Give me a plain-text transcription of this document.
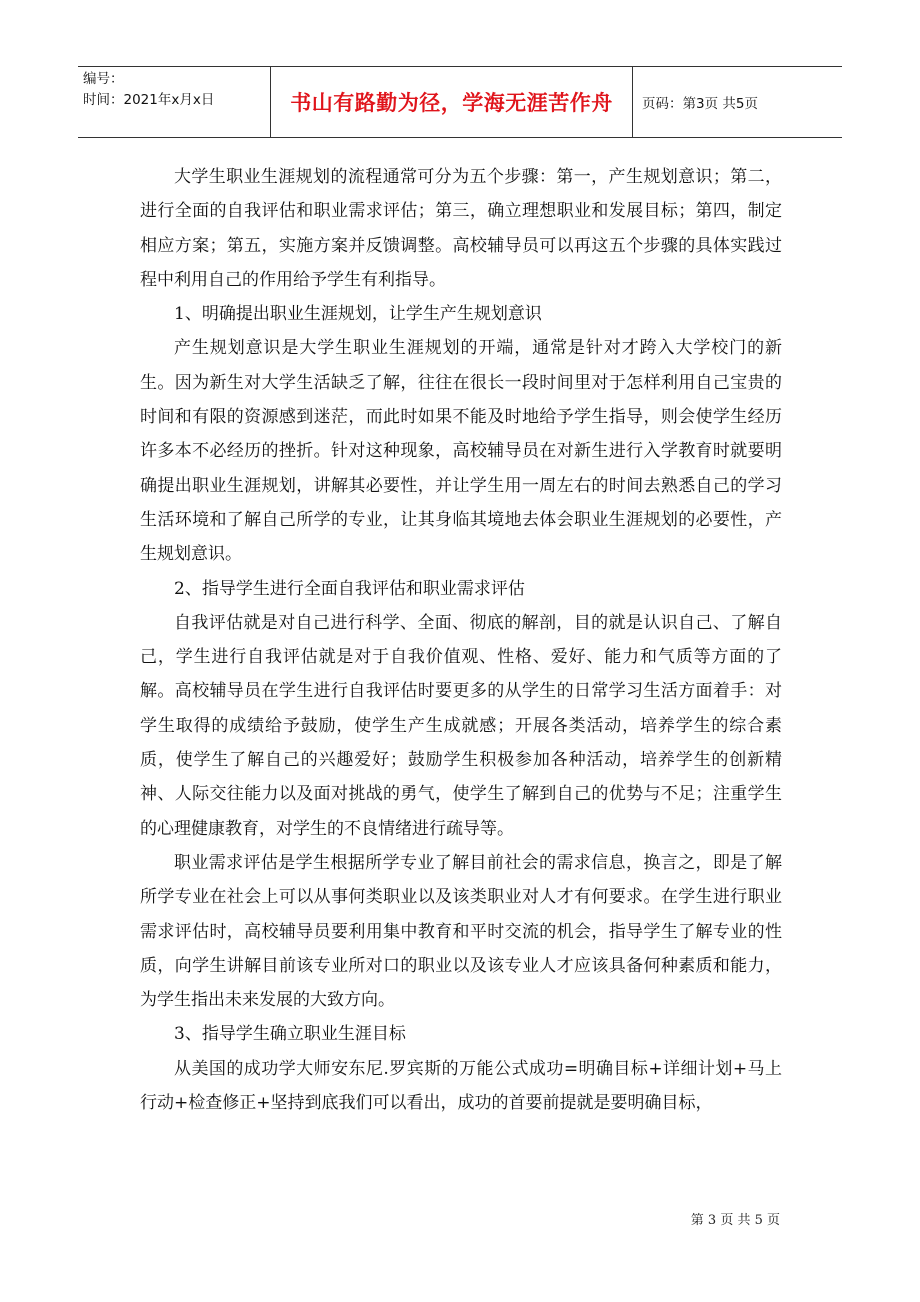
编号：
时间：2021年x月x日	书山有路勤为径，学海无涯苦作舟	页码：第3页 共5页

大学生职业生涯规划的流程通常可分为五个步骤：第一，产生规划意识；第二，进行全面的自我评估和职业需求评估；第三，确立理想职业和发展目标；第四，制定相应方案；第五，实施方案并反馈调整。高校辅导员可以再这五个步骤的具体实践过程中利用自己的作用给予学生有利指导。

1、明确提出职业生涯规划，让学生产生规划意识

产生规划意识是大学生职业生涯规划的开端，通常是针对才跨入大学校门的新生。因为新生对大学生活缺乏了解，往往在很长一段时间里对于怎样利用自己宝贵的时间和有限的资源感到迷茫，而此时如果不能及时地给予学生指导，则会使学生经历许多本不必经历的挫折。针对这种现象，高校辅导员在对新生进行入学教育时就要明确提出职业生涯规划，讲解其必要性，并让学生用一周左右的时间去熟悉自己的学习生活环境和了解自己所学的专业，让其身临其境地去体会职业生涯规划的必要性，产生规划意识。

2、指导学生进行全面自我评估和职业需求评估

自我评估就是对自己进行科学、全面、彻底的解剖，目的就是认识自己、了解自己，学生进行自我评估就是对于自我价值观、性格、爱好、能力和气质等方面的了解。高校辅导员在学生进行自我评估时要更多的从学生的日常学习生活方面着手：对学生取得的成绩给予鼓励，使学生产生成就感；开展各类活动，培养学生的综合素质，使学生了解自己的兴趣爱好；鼓励学生积极参加各种活动，培养学生的创新精神、人际交往能力以及面对挑战的勇气，使学生了解到自己的优势与不足；注重学生的心理健康教育，对学生的不良情绪进行疏导等。

职业需求评估是学生根据所学专业了解目前社会的需求信息，换言之，即是了解所学专业在社会上可以从事何类职业以及该类职业对人才有何要求。在学生进行职业需求评估时，高校辅导员要利用集中教育和平时交流的机会，指导学生了解专业的性质，向学生讲解目前该专业所对口的职业以及该专业人才应该具备何种素质和能力，为学生指出未来发展的大致方向。

3、指导学生确立职业生涯目标

从美国的成功学大师安东尼.罗宾斯的万能公式成功=明确目标+详细计划+马上行动+检查修正+坚持到底我们可以看出，成功的首要前提就是要明确目标，

第 3 页 共 5 页
